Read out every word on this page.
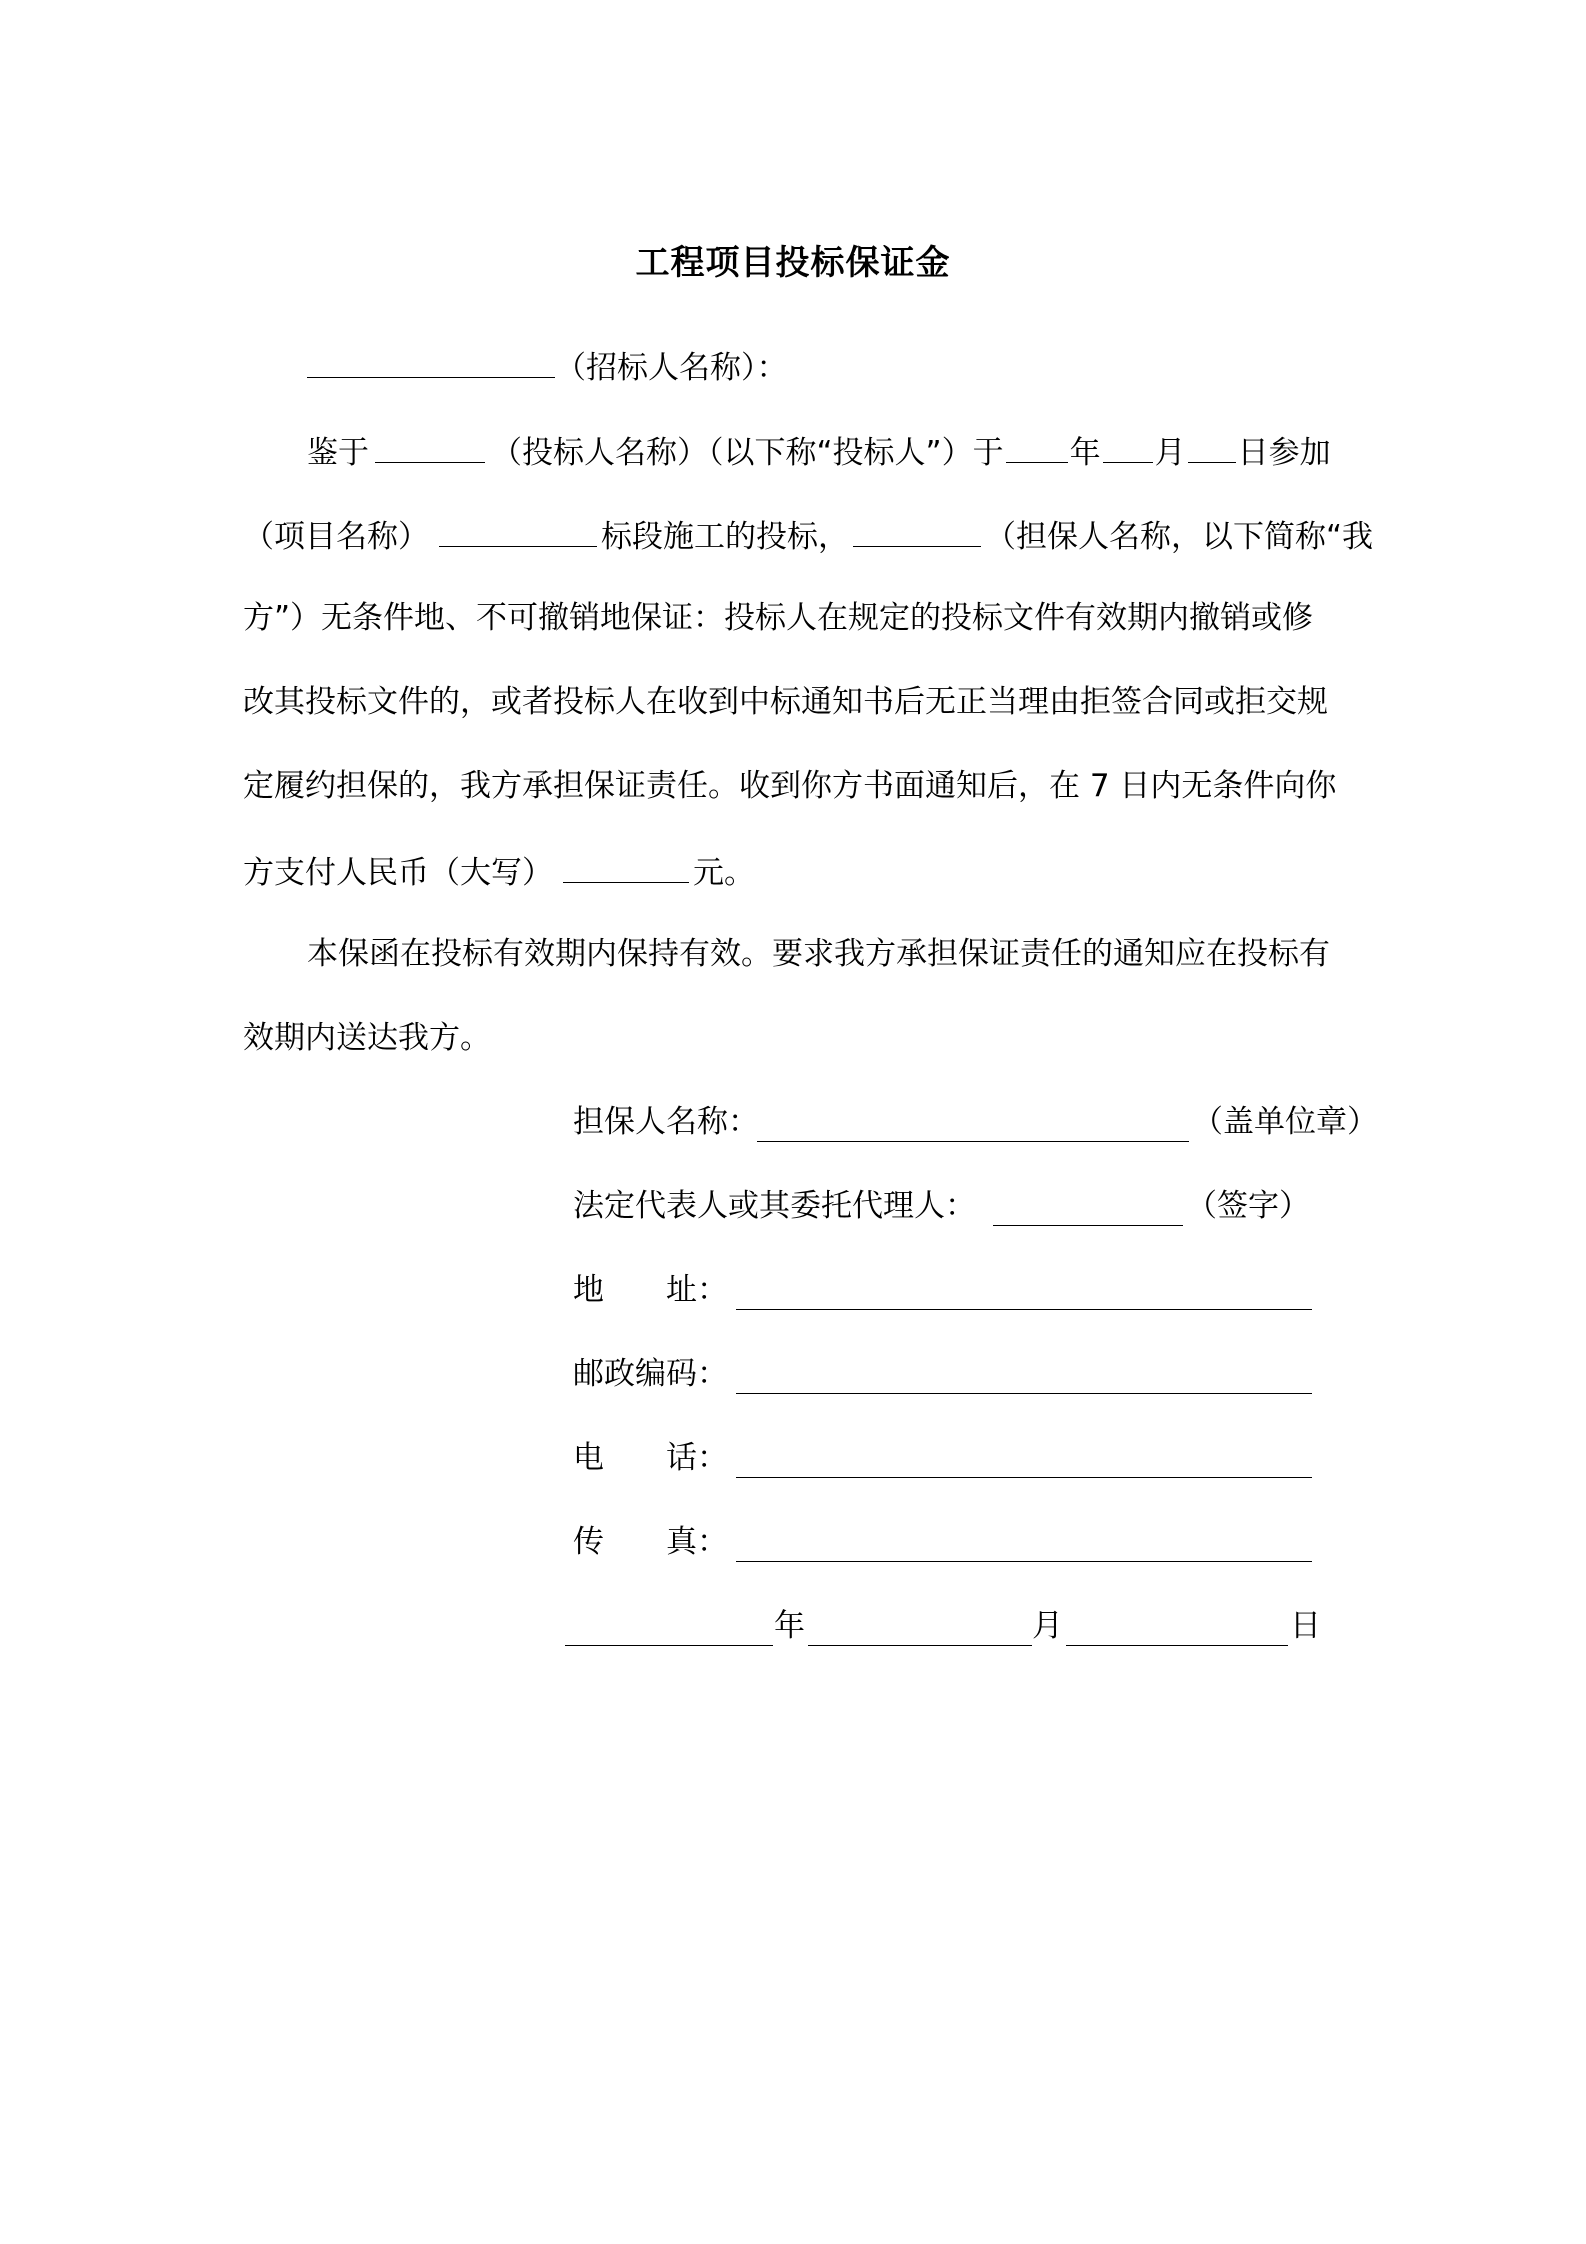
工程项目投标保证金
（招标人名称）：
鉴于	（投标人名称）（以下称“投标人”）于 年 月 日参加
（项目名称）	标段施工的投标，	（担保人名称，以下简称“我
方”）无条件地、不可撤销地保证：投标人在规定的投标文件有效期内撤销或修
改其投标文件的，或者投标人在收到中标通知书后无正当理由拒签合同或拒交规
定履约担保的，我方承担保证责任。收到你方书面通知后，在 7 日内无条件向你
方支付人民币（大写）	元。
本保函在投标有效期内保持有效。要求我方承担保证责任的通知应在投标有
效期内送达我方。
担保人名称：	（盖单位章）
法定代表人或其委托代理人：	（签字）
地　　址：
邮政编码：
电　　话：
传　　真：
年	月	日
